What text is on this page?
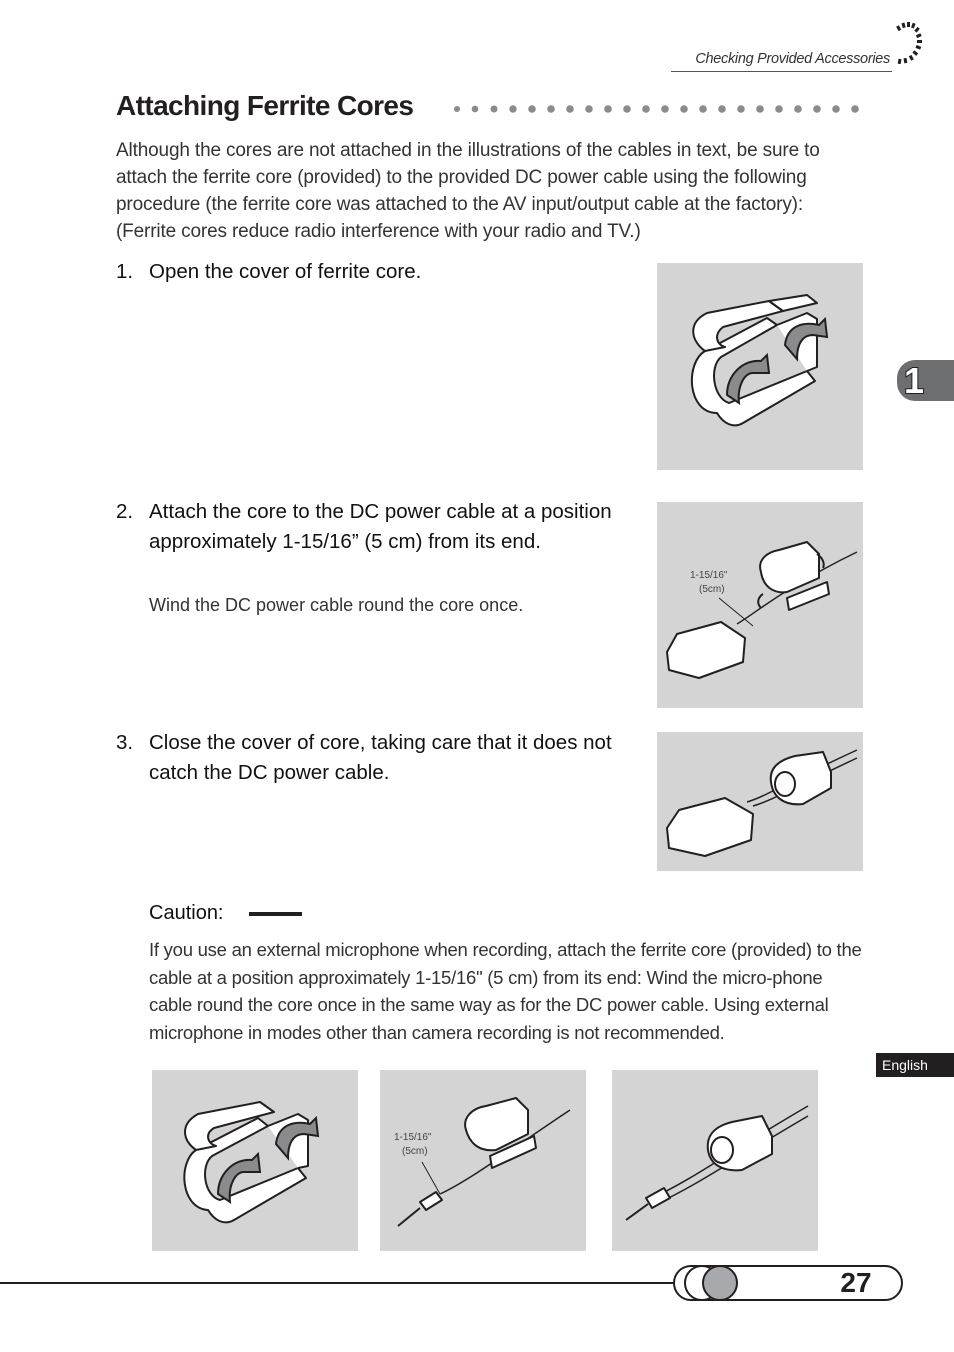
Checking Provided Accessories
Attaching Ferrite Cores
Although the cores are not attached in the illustrations of the cables in text, be sure to attach the ferrite core (provided) to the provided DC power cable using the following procedure (the ferrite core was attached to the AV input/output cable at the factory): (Ferrite cores reduce radio interference with your radio and TV.)
1. Open the cover of ferrite core.
2. Attach the core to the DC power cable at a position approximately 1-15/16” (5 cm) from its end.
Wind the DC power cable round the core once.
1-15/16"
(5cm)
3. Close the cover of core, taking care that it does not catch the DC power cable.
1
Caution:
If you use an external microphone when recording, attach the ferrite core (provided) to the cable at a position approximately 1-15/16" (5 cm) from its end: Wind the micro-phone cable round the core once in the same way as for the DC power cable. Using external microphone in modes other than camera recording is not recommended.
English
1-15/16"
(5cm)
27
